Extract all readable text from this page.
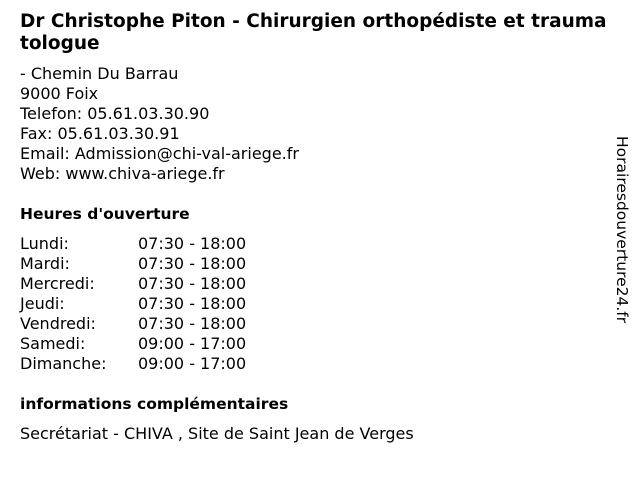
Dr Christophe Piton - Chirurgien orthopédiste et traumatologue
- Chemin Du Barrau
9000 Foix
Telefon: 05.61.03.30.90
Fax: 05.61.03.30.91
Email: Admission@chi-val-ariege.fr
Web: www.chiva-ariege.fr
Heures d'ouverture
Lundi:	07:30 - 18:00
Mardi:	07:30 - 18:00
Mercredi:	07:30 - 18:00
Jeudi:	07:30 - 18:00
Vendredi:	07:30 - 18:00
Samedi:	09:00 - 17:00
Dimanche: 09:00 - 17:00
informations complémentaires
Secrétariat - CHIVA , Site de Saint Jean de Verges
Horairesdouverture24.fr
